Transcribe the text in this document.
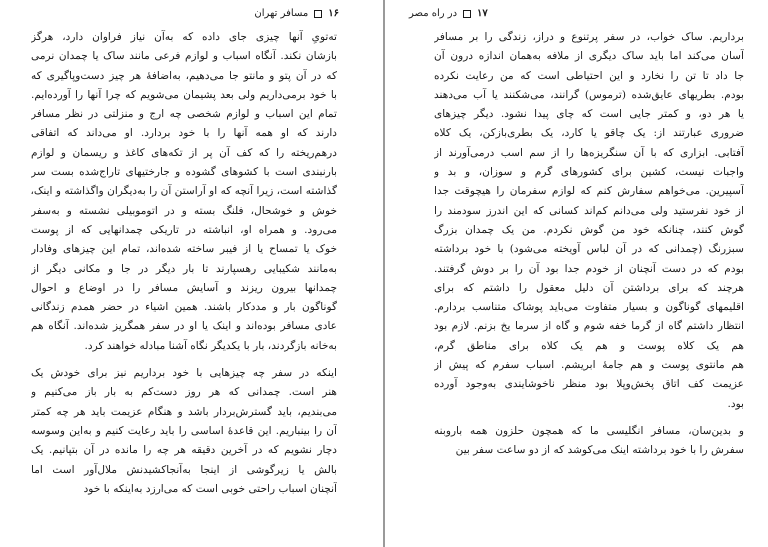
۱۶
مسافر تهران

ته‌تویِ آنها چیزی جای داده که به‌آن نیاز فراوان دارد، هرگز
بازشان نکند. آنگاه اسباب و لوازم فرعی مانند ساک یا چمدان نرمی
که در آن پتو و مانتو جا می‌دهیم، به‌اضافهٔ هر چیز دست‌وپاگیری که
با خود برمی‌داریم ولی بعد پشیمان می‌شویم که چرا آنها را آورده‌ایم.
تمام این اسباب و لوازم شخصی چه ارج و منزلتی در نظر مسافر
دارند که او همه آنها را با خود بردارد. او می‌داند که اتفاقی
درهم‌ریخته را که کف آن پر از تکه‌های کاغذ و ریسمان و لوازم
بارنبندی است با کشوهای گشوده و جارختیهای تاراج‌شده بست سر
گذاشته است، زیرا آنچه که او آراستن آن را به‌دیگران واگذاشته و اینک،
خوش و خوشحال، فلنگ بسته و در اتوموبیلی نشسته و به‌سفر
می‌رود. و همراه او، انباشته در تاریکی چمدانهایی که از پوست
خوک یا تمساح یا از فیبر ساخته شده‌اند، تمام این چیزهای وفادار
به‌مانند شکیبایی رهسپارند تا بار دیگر در جا و مکانی دیگر از
چمدانها بیرون ریزند و آسایش مسافر را در اوضاع و احوال
گوناگون بار و مددکار باشند. همین اشیاء در حضر همدم زندگانی
عادی مسافر بوده‌اند و اینک یا او در سفر همگریز شده‌اند. آنگاه هم
به‌خانه بازگردند، بار با یکدیگر نگاه آشنا مبادله خواهند کرد.

اینکه در سفر چه چیزهایی با خود برداریم نیز برای خودش یک
هنر است. چمدانی که هر روز دست‌کم به بار باز می‌کنیم و
می‌بندیم، باید گسترش‌بردار باشد و هنگام عزیمت باید هر چه کمتر
آن را بینباریم. این قاعدهٔ اساسی را باید رعایت کنیم و به‌این وسوسه
دچار نشویم که در آخرین دقیقه هر چه را مانده در آن بتپانیم. یک
بالش یا زیرگوشی از اینجا به‌آنجاکشیدنش ملال‌آور است اما
آنچنان اسباب راحتی خوبی است که می‌ارزد به‌اینکه با خود

۱۷
در راه مصر

برداریم. ساک خواب، در سفر پرتنوع و دراز، زندگی را بر مسافر
آسان می‌کند اما باید ساک دیگری از ملافه به‌همان اندازه درون آن
جا داد تا تن را نخارد و این احتیاطی است که من رعایت نکرده
بودم. بطریهای عایق‌شده (ترموس) گرانند، می‌شکنند یا آب می‌دهند
یا هر دو، و کمتر جایی است که چای پیدا نشود. دیگر چیزهای
ضروری عبارتند از: یک چاقو یا کارد، یک بطری‌بازکن، یک کلاه
آفتابی. ابزاری که با آن سنگریزه‌ها را از سم اسب درمی‌آورند از
واجبات نیست، کشین برای کشورهای گرم و سوزان، و بد و
آسپیرین. می‌خواهم سفارش کنم که لوازم سفرمان را هیچوقت جدا
از خود نفرستید ولی می‌دانم کم‌اند کسانی که این اندرز سودمند را
گوش کنند، چنانکه خود من گوش نکردم. من یک چمدان بزرگ
سبزرنگ (چمدانی که در آن لباس آویخته می‌شود) با خود برداشته
بودم که در دست آنچنان از خودم جدا بود آن را بر دوش گرفتند.
هرچند که برای برداشتن آن دلیل معقول را داشتم که برای
اقلیمهای گوناگون و بسیار متفاوت می‌باید پوشاک متناسب بردارم.
انتظار داشتم گاه از گرما خفه شوم و گاه از سرما یخ بزنم. لازم بود
هم یک کلاه پوست و هم یک کلاه برای مناطق گرم،
هم مانتوی پوست و هم جامهٔ ابریشم. اسباب سفرم که پیش از
عزیمت کف اتاق پخش‌وپلا بود منظر ناخوشایندی به‌وجود آورده
بود.

و بدین‌سان، مسافر انگلیسی ما که همچون حلزون همه باروبنه
سفرش را با خود برداشته اینک می‌کوشد که از دو ساعت سفر بین
